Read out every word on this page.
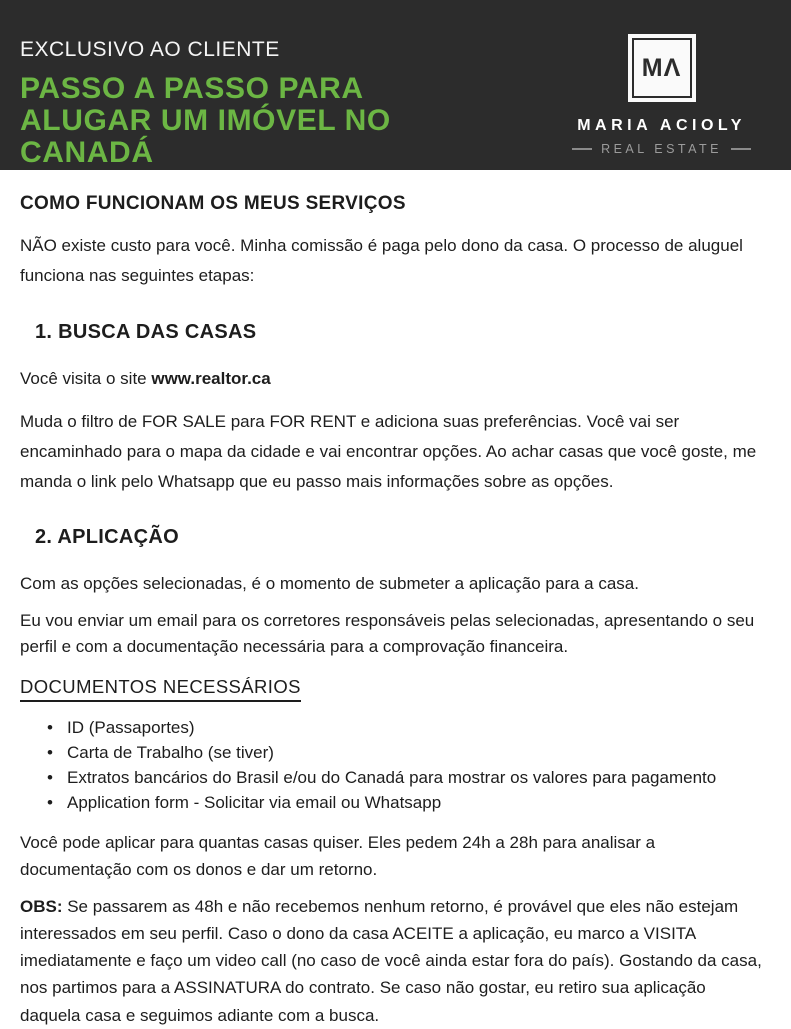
EXCLUSIVO AO CLIENTE
PASSO A PASSO PARA
ALUGAR UM IMÓVEL NO
CANADÁ
MΛ
MARIA ACIOLY
REAL ESTATE
COMO FUNCIONAM OS MEUS SERVIÇOS

NÃO existe custo para você. Minha comissão é paga pelo dono da casa. O processo de aluguel funciona nas seguintes etapas:

1. BUSCA DAS CASAS

Você visita o site www.realtor.ca

Muda o filtro de FOR SALE para FOR RENT e adiciona suas preferências. Você vai ser encaminhado para o mapa da cidade e vai encontrar opções. Ao achar casas que você goste, me manda o link pelo Whatsapp que eu passo mais informações sobre as opções.

2. APLICAÇÃO

Com as opções selecionadas, é o momento de submeter a aplicação para a casa.

Eu vou enviar um email para os corretores responsáveis pelas selecionadas, apresentando o seu perfil e com a documentação necessária para a comprovação financeira.

DOCUMENTOS NECESSÁRIOS
• ID (Passaportes)
• Carta de Trabalho (se tiver)
• Extratos bancários do Brasil e/ou do Canadá para mostrar os valores para pagamento
• Application form - Solicitar via email ou Whatsapp

Você pode aplicar para quantas casas quiser. Eles pedem 24h a 28h para analisar a documentação com os donos e dar um retorno.

OBS: Se passarem as 48h e não recebemos nenhum retorno, é provável que eles não estejam interessados em seu perfil. Caso o dono da casa ACEITE a aplicação, eu marco a VISITA imediatamente e faço um video call (no caso de você ainda estar fora do país). Gostando da casa, nos partimos para a ASSINATURA do contrato. Se caso não gostar, eu retiro sua aplicação daquela casa e seguimos adiante com a busca.
